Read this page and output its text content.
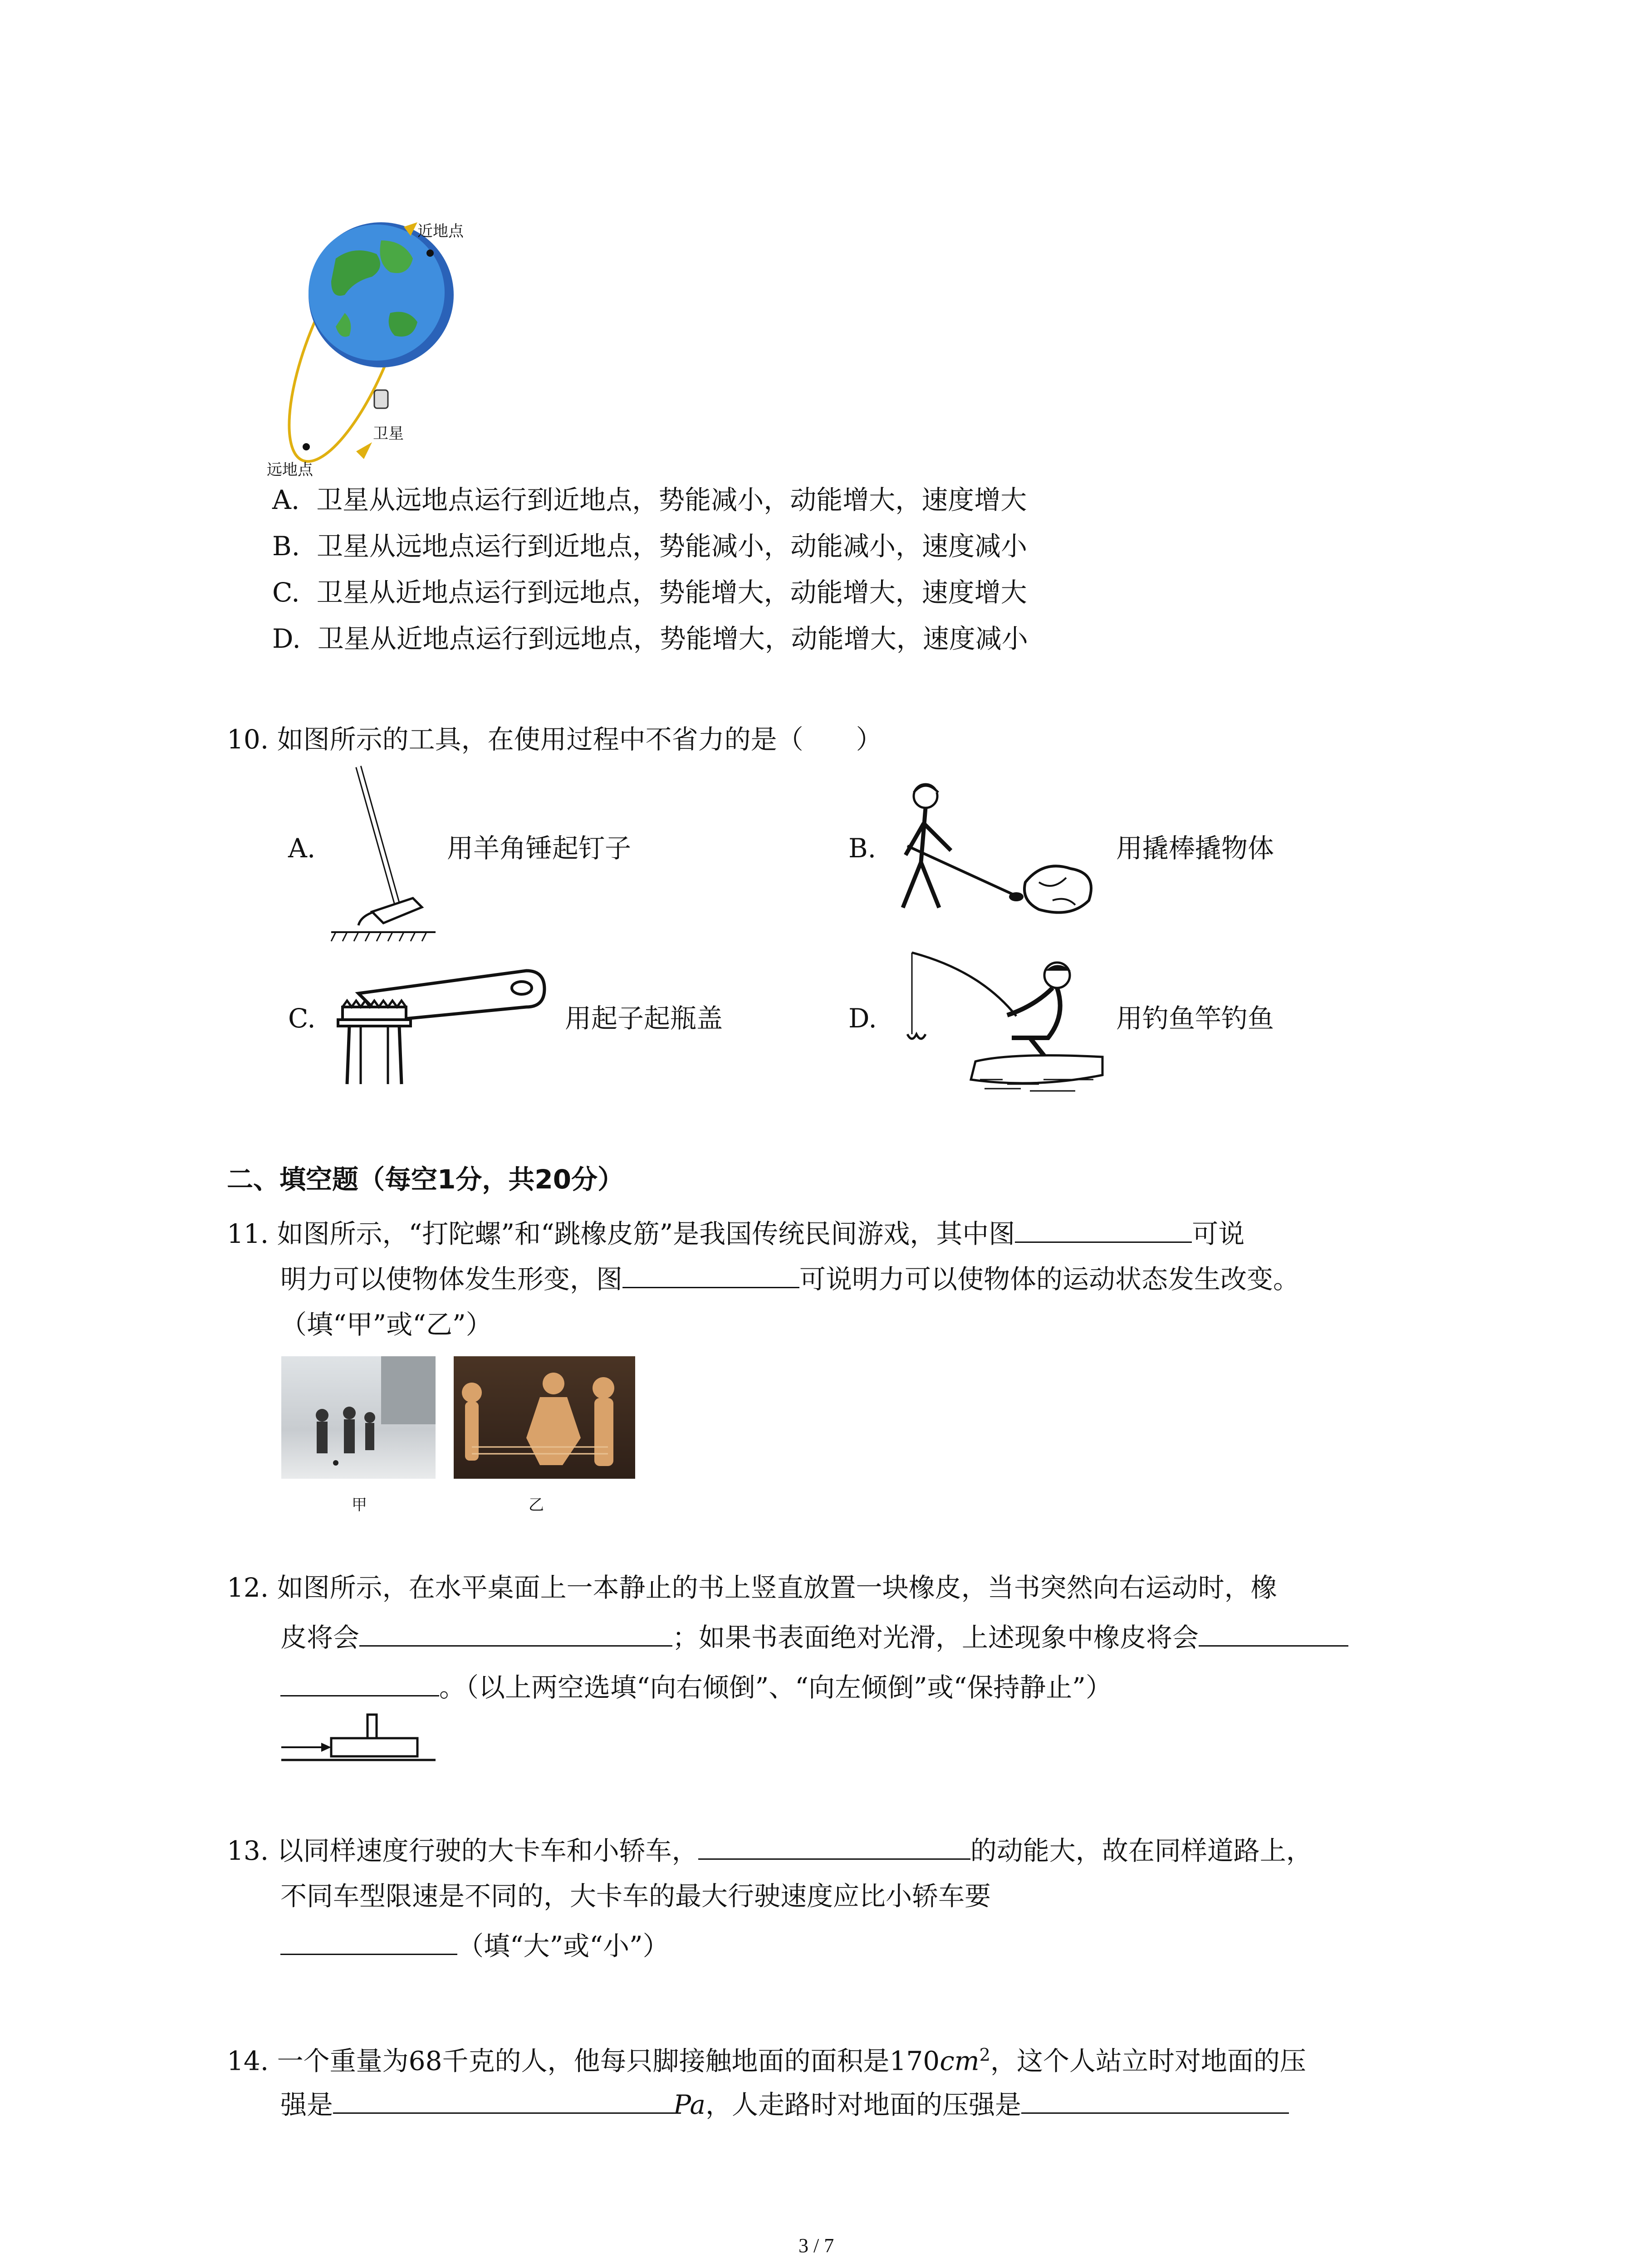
近地点
卫星
远地点
A. 卫星从远地点运行到近地点，势能减小，动能增大，速度增大
B. 卫星从远地点运行到近地点，势能减小，动能减小，速度减小
C. 卫星从近地点运行到远地点，势能增大，动能增大，速度增大
D. 卫星从近地点运行到远地点，势能增大，动能增大，速度减小
10. 如图所示的工具，在使用过程中不省力的是（　　）
A.	用羊角锤起钉子	B.	用撬棒撬物体
C.	用起子起瓶盖	D.	用钓鱼竿钓鱼
二、填空题（每空1分，共20分）
11. 如图所示，“打陀螺”和“跳橡皮筋”是我国传统民间游戏，其中图	可说
明力可以使物体发生形变，图	可说明力可以使物体的运动状态发生改变。
（填“甲”或“乙”）
甲	乙
12. 如图所示，在水平桌面上一本静止的书上竖直放置一块橡皮，当书突然向右运动时，橡
皮将会	；如果书表面绝对光滑，上述现象中橡皮将会
。（以上两空选填“向右倾倒”、“向左倾倒”或“保持静止”）
13. 以同样速度行驶的大卡车和小轿车，	的动能大，故在同样道路上，
不同车型限速是不同的，大卡车的最大行驶速度应比小轿车要
（填“大”或“小”）
14. 一个重量为68千克的人，他每只脚接触地面的面积是$170cm^2$，这个人站立时对地面的压
强是	Pa，人走路时对地面的压强是
3 / 7
